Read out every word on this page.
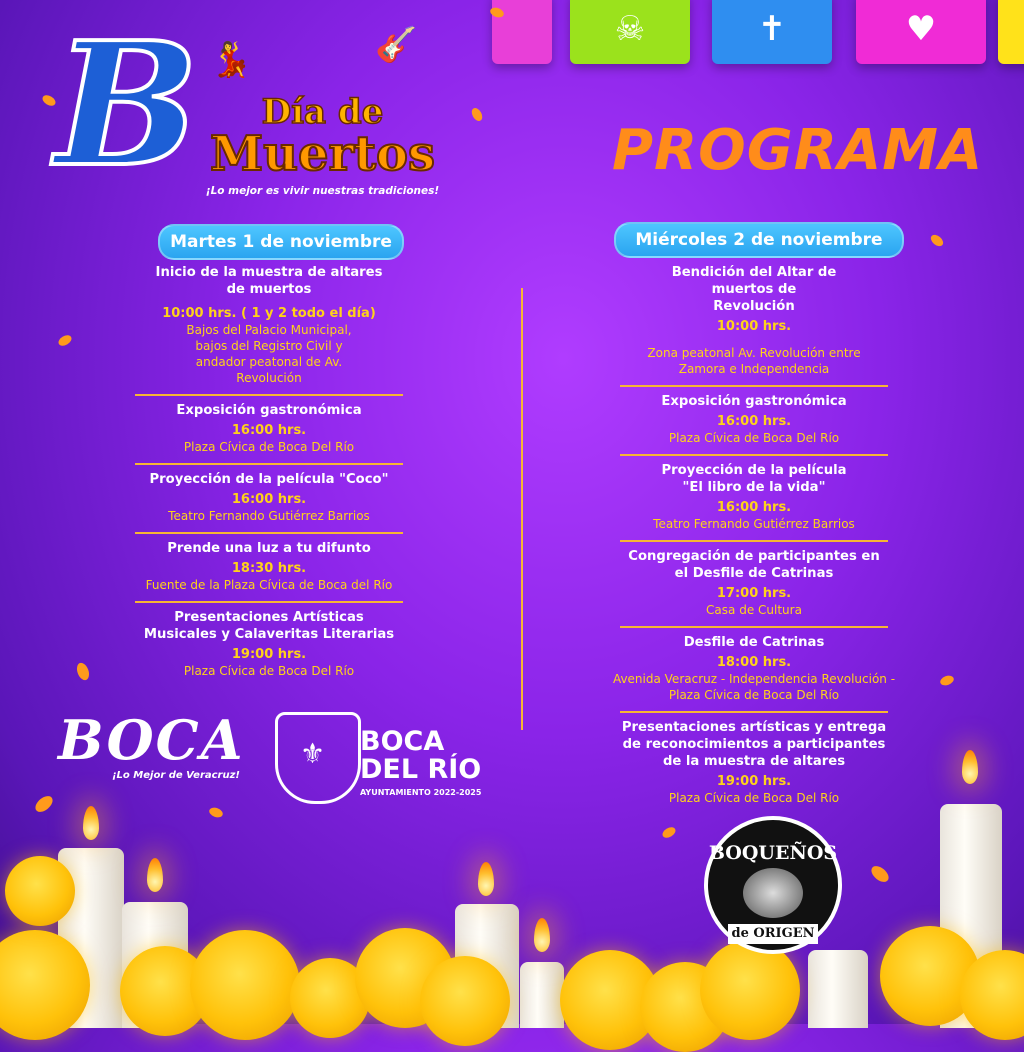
☠	✝	♥
B 💃	🎸
Día de
Muertos
¡Lo mejor es vivir nuestras tradiciones!
PROGRAMA
Martes 1 de noviembre	Miércoles 2 de noviembre
Inicio de la muestra de altares de muertos
10:00 hrs. ( 1 y 2 todo el día)
Bajos del Palacio Municipal, bajos del Registro Civil y andador peatonal de Av. Revolución
Exposición gastronómica
16:00 hrs.
Plaza Cívica de Boca Del Río
Proyección de la película "Coco"
16:00 hrs.
Teatro Fernando Gutiérrez Barrios
Prende una luz a tu difunto
18:30 hrs.
Fuente de la Plaza Cívica de Boca del Río
Presentaciones Artísticas Musicales y Calaveritas Literarias
19:00 hrs.
Plaza Cívica de Boca Del Río
Bendición del Altar de muertos de Revolución
10:00 hrs.
Zona peatonal Av. Revolución entre Zamora e Independencia
Exposición gastronómica
16:00 hrs.
Plaza Cívica de Boca Del Río
Proyección de la película "El libro de la vida"
16:00 hrs.
Teatro Fernando Gutiérrez Barrios
Congregación de participantes en el Desfile de Catrinas
17:00 hrs.
Casa de Cultura
Desfile de Catrinas
18:00 hrs.
Avenida Veracruz - Independencia Revolución - Plaza Cívica de Boca Del Río
Presentaciones artísticas y entrega de reconocimientos a participantes de la muestra de altares
19:00 hrs.
Plaza Cívica de Boca Del Río
BOCA
¡Lo Mejor de Veracruz!
⚜ BOCA
DEL RÍO
AYUNTAMIENTO 2022-2025
BOQUEÑOS
de ORIGEN
